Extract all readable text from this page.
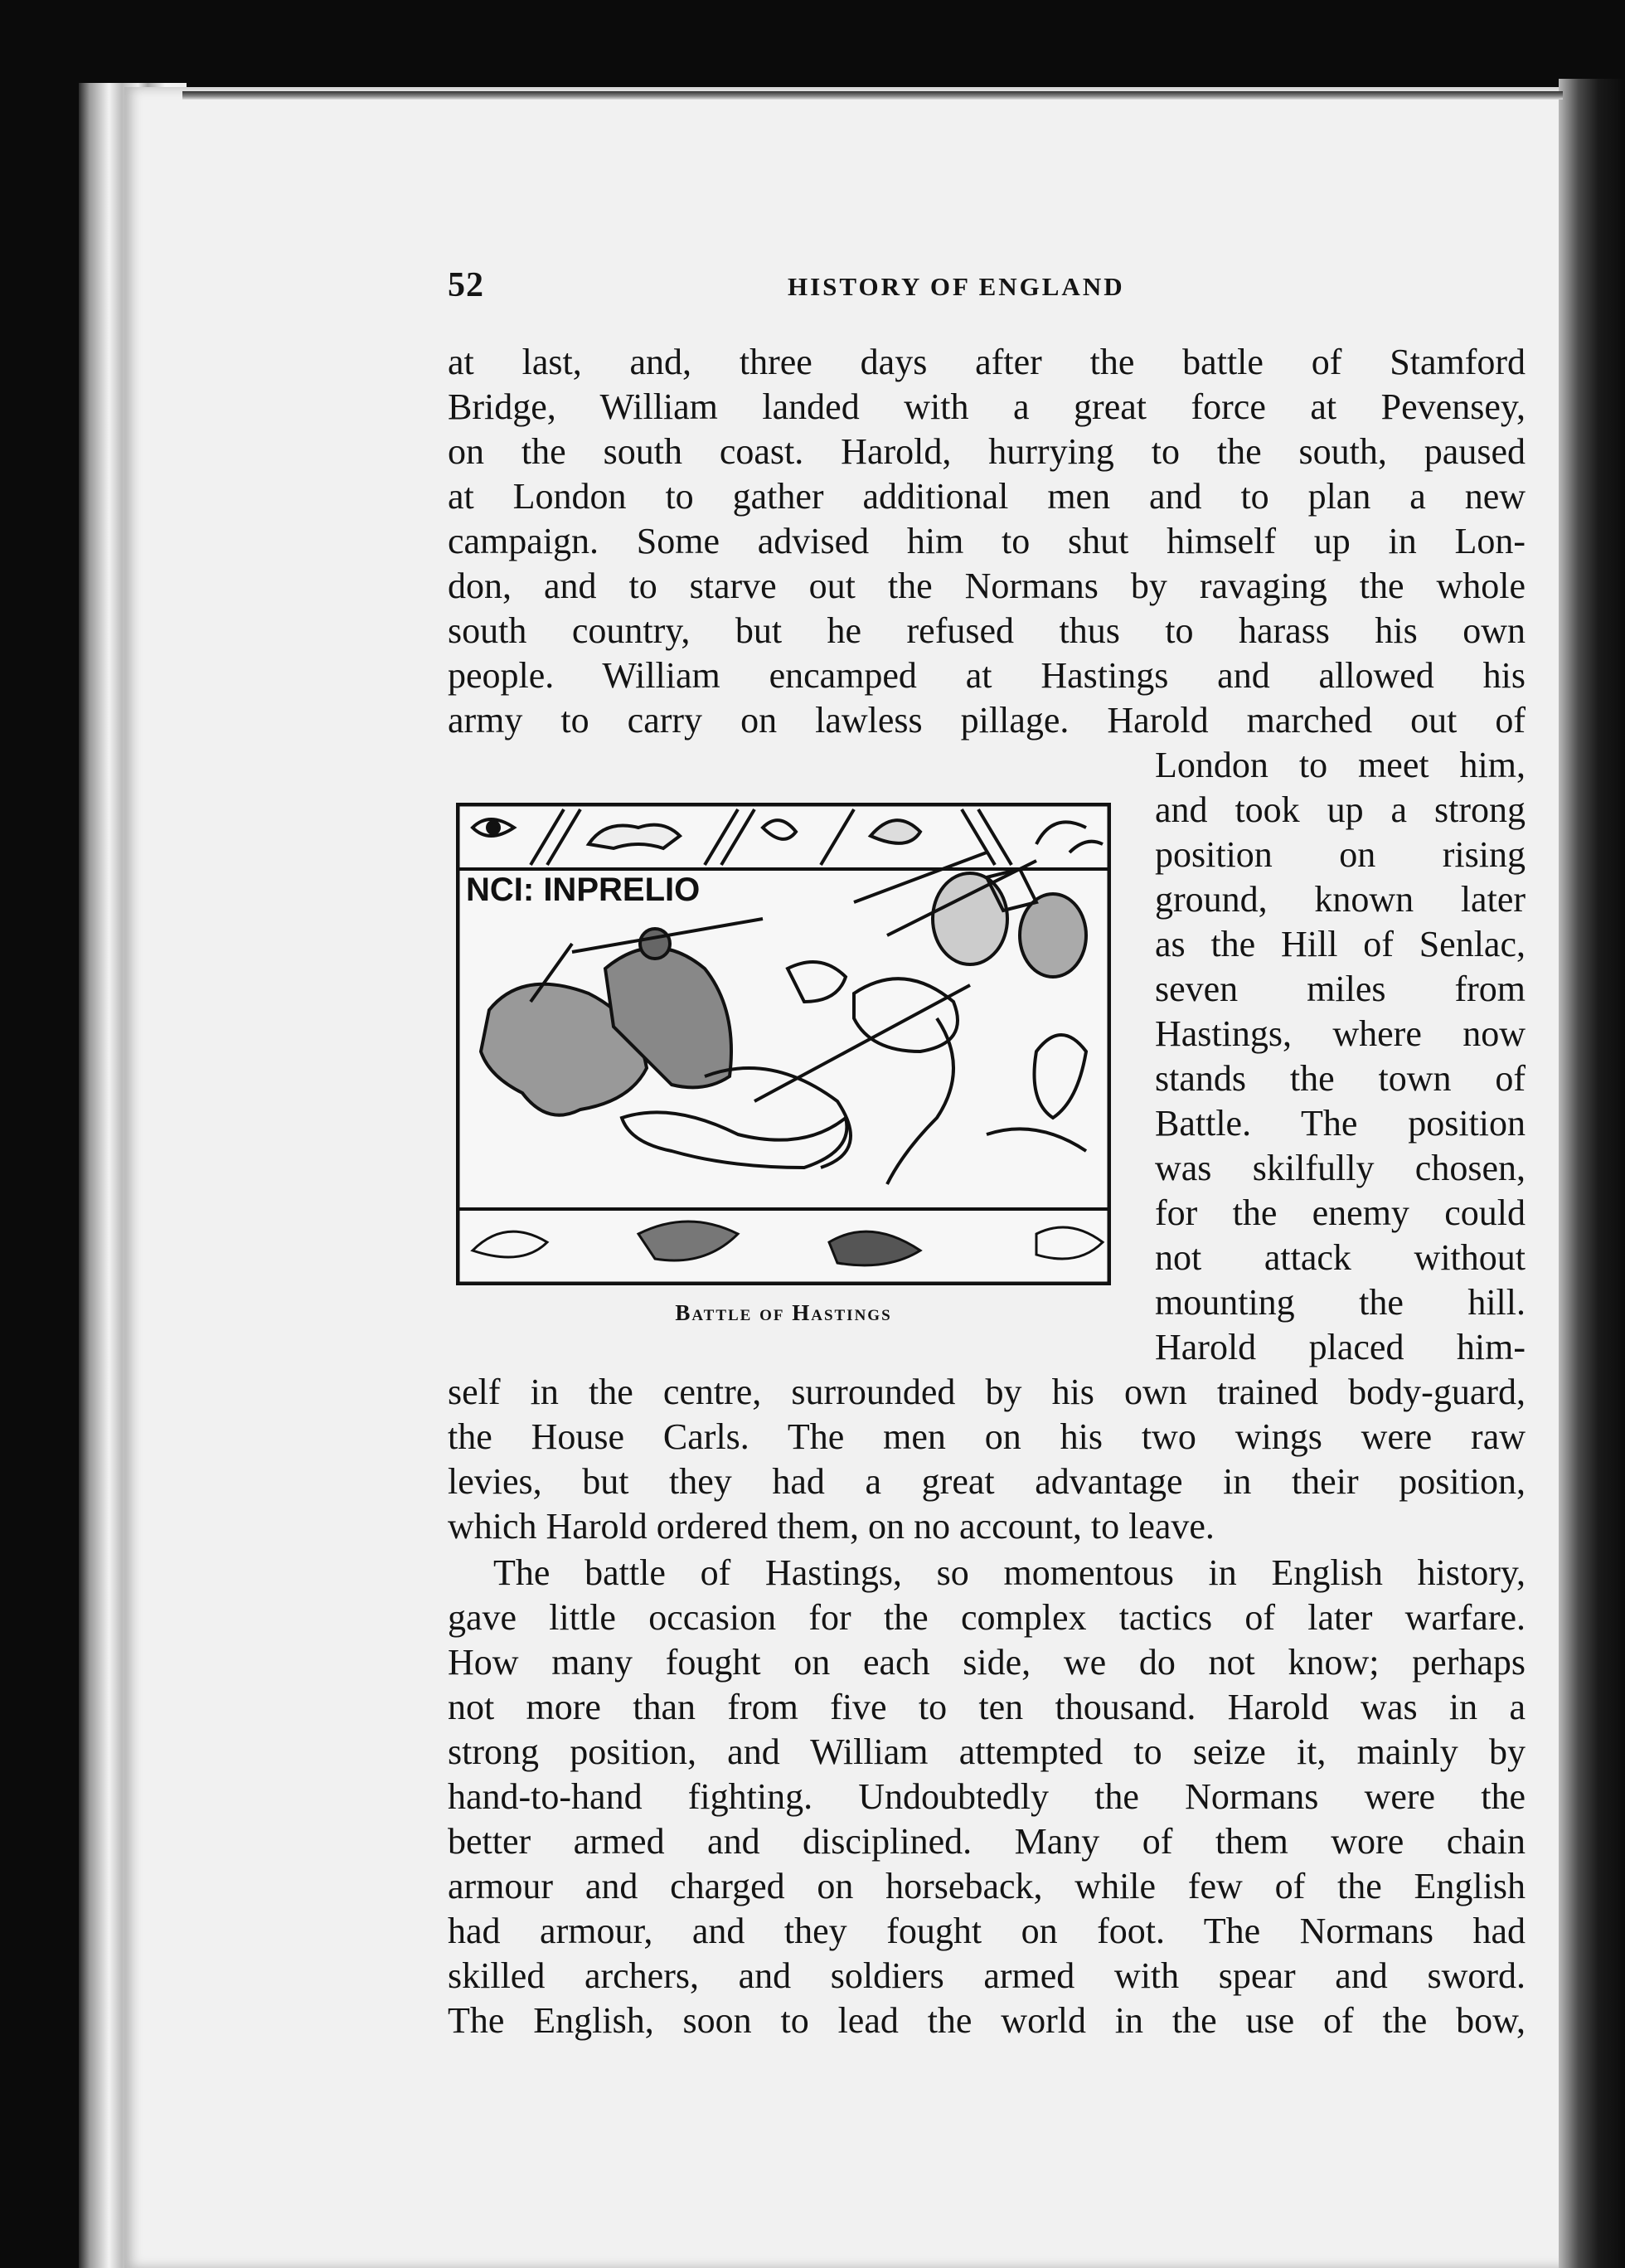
52	HISTORY OF ENGLAND
at last, and, three days after the battle of Stamford
Bridge, William landed with a great force at Pevensey,
on the south coast. Harold, hurrying to the south, paused
at London to gather additional men and to plan a new
campaign. Some advised him to shut himself up in Lon-
don, and to starve out the Normans by ravaging the whole
south country, but he refused thus to harass his own
people. William encamped at Hastings and allowed his
army to carry on lawless pillage. Harold marched out of
London to meet him,
and took up a strong
position on rising
ground, known later
as the Hill of Senlac,
seven miles from
Hastings, where now
stands the town of
Battle. The position
was skilfully chosen,
for the enemy could
not attack without
mounting the hill.
Harold placed him-
NCI: INPRELIO
Battle of Hastings
self in the centre, surrounded by his own trained body-guard,
the House Carls. The men on his two wings were raw
levies, but they had a great advantage in their position,
which Harold ordered them, on no account, to leave.
The battle of Hastings, so momentous in English history,
gave little occasion for the complex tactics of later warfare.
How many fought on each side, we do not know; perhaps
not more than from five to ten thousand. Harold was in a
strong position, and William attempted to seize it, mainly by
hand-to-hand fighting. Undoubtedly the Normans were the
better armed and disciplined. Many of them wore chain
armour and charged on horseback, while few of the English
had armour, and they fought on foot. The Normans had
skilled archers, and soldiers armed with spear and sword.
The English, soon to lead the world in the use of the bow,
